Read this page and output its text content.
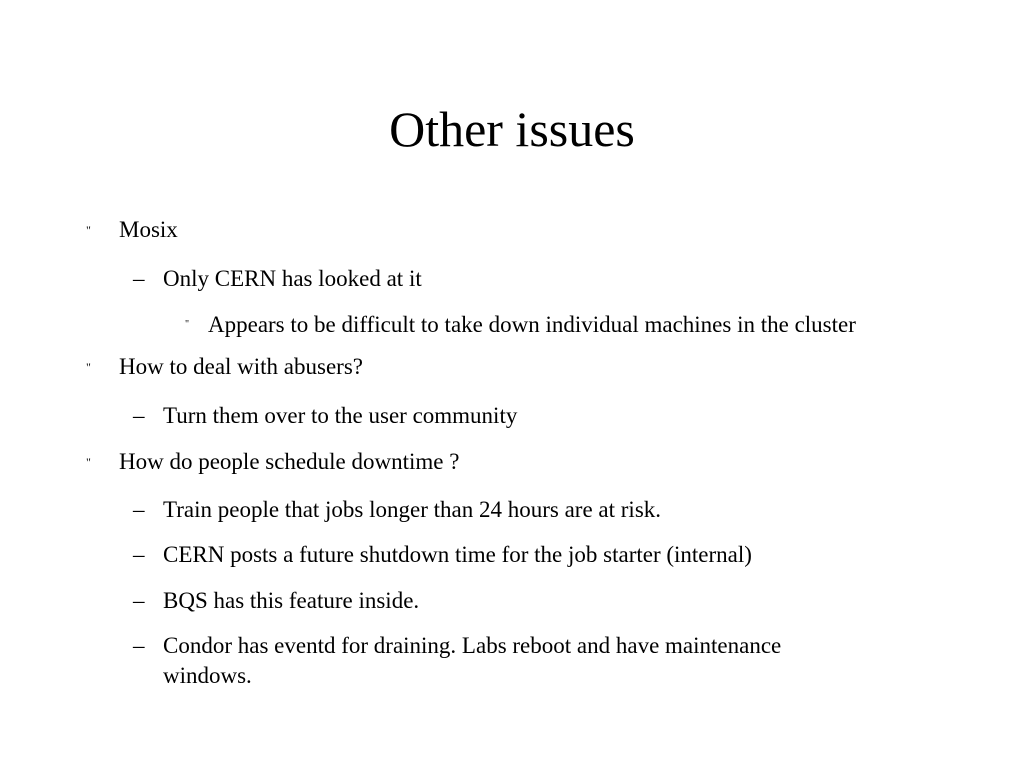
Other issues
" Mosix
– Only CERN has looked at it
" Appears to be difficult to take down individual machines in the cluster
" How to deal with abusers?
– Turn them over to the user community
" How do people schedule downtime ?
– Train people that jobs longer than 24 hours are at risk.
– CERN posts a future shutdown time for the job starter (internal)
– BQS has this feature inside.
– Condor has eventd for draining. Labs reboot and have maintenance windows.
